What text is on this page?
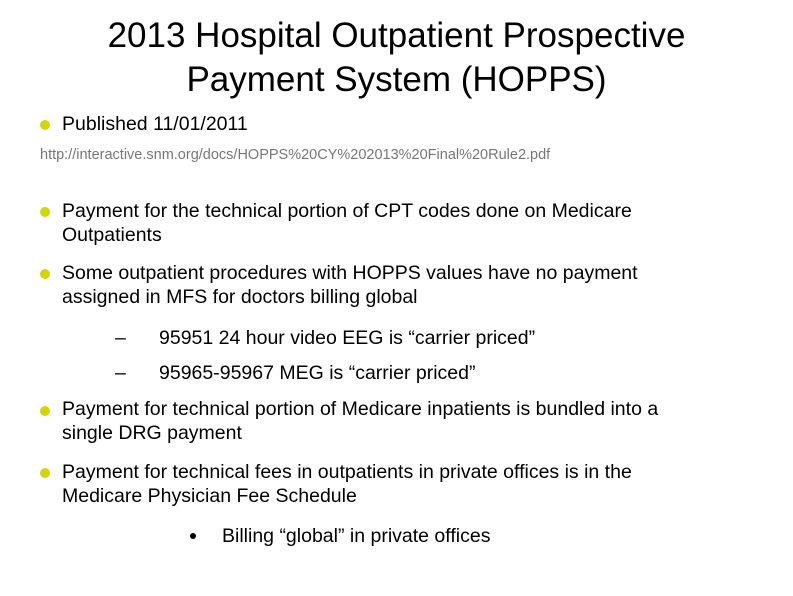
2013 Hospital Outpatient Prospective
Payment System (HOPPS)
Published 11/01/2011
http://interactive.snm.org/docs/HOPPS%20CY%202013%20Final%20Rule2.pdf
Payment for the technical portion of CPT codes done on Medicare
Outpatients
Some outpatient procedures with HOPPS values have no payment
assigned in MFS for doctors billing global
– 95951 24 hour video EEG is “carrier priced”
– 95965-95967 MEG is “carrier priced”
Payment for technical portion of Medicare inpatients is bundled into a
single DRG payment
Payment for technical fees in outpatients in private offices is in the
Medicare Physician Fee Schedule
Billing “global” in private offices
